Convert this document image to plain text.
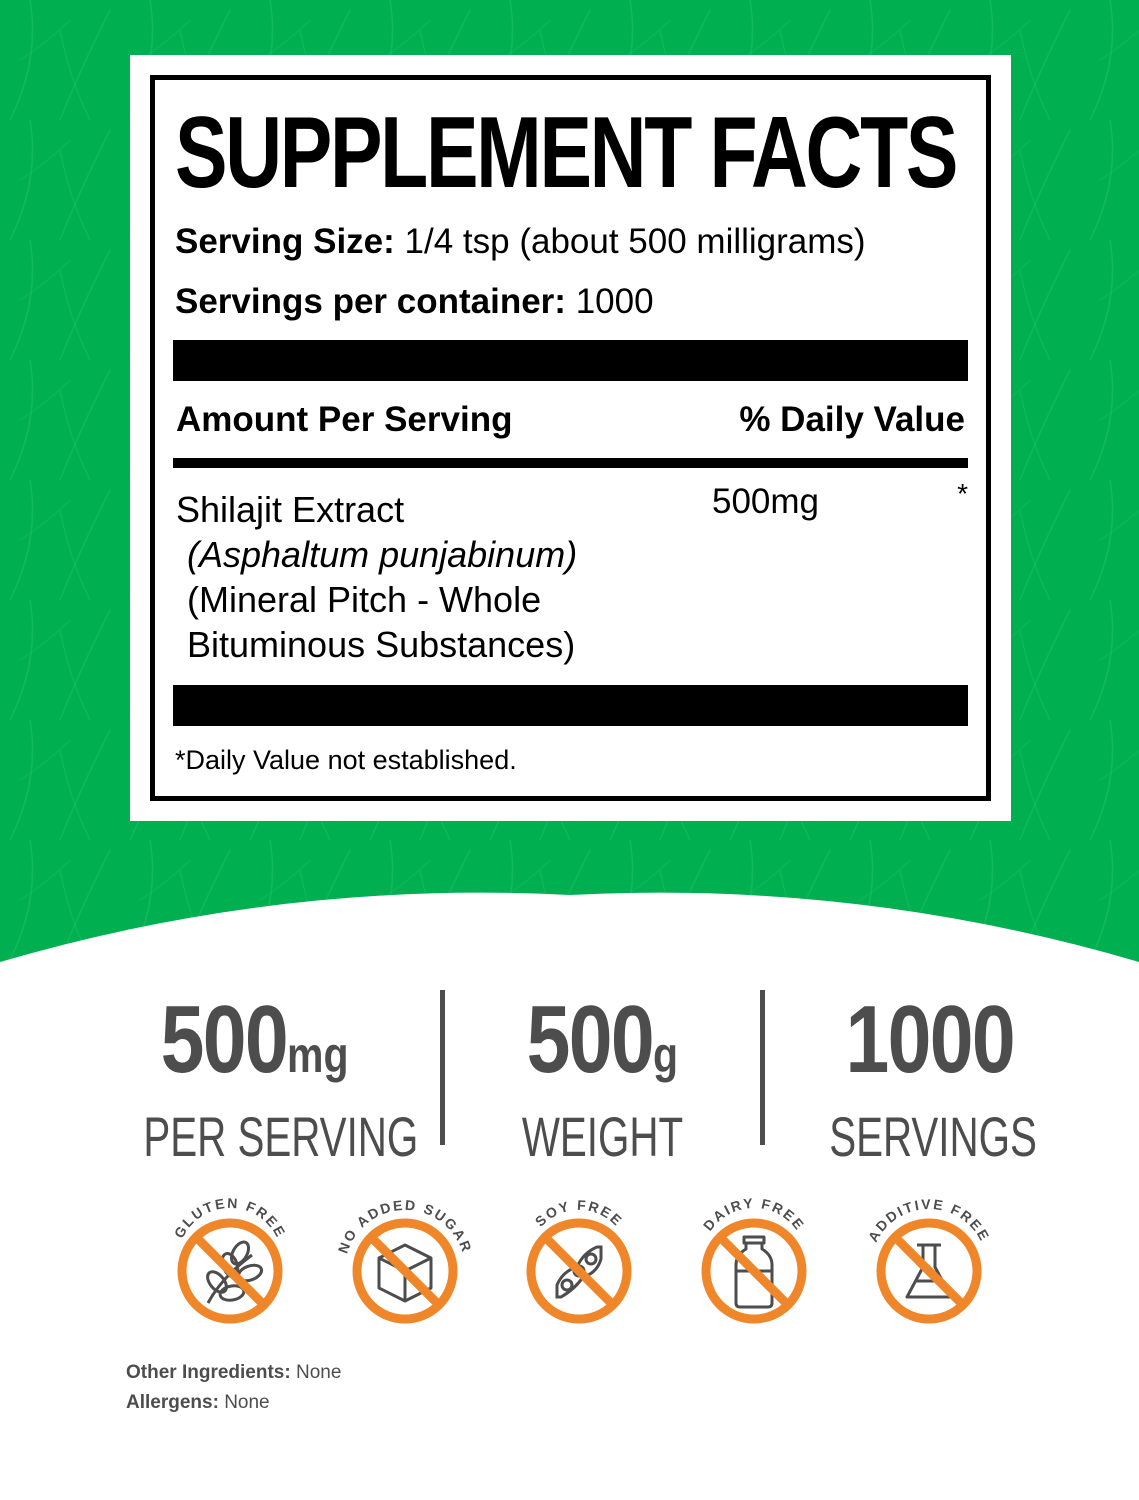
SUPPLEMENT FACTS
Serving Size: 1/4 tsp (about 500 milligrams)
Servings per container: 1000
Amount Per Serving	% Daily Value
Shilajit Extract
(Asphaltum punjabinum)
(Mineral Pitch - Whole
Bituminous Substances)
500mg	*
*Daily Value not established.
500mg
PER SERVING
500g
WEIGHT
1000
SERVINGS
GLUTEN FREE
NO ADDED SUGAR
SOY FREE	DAIRY FREE
ADDITIVE FREE
Other Ingredients: None
Allergens: None
